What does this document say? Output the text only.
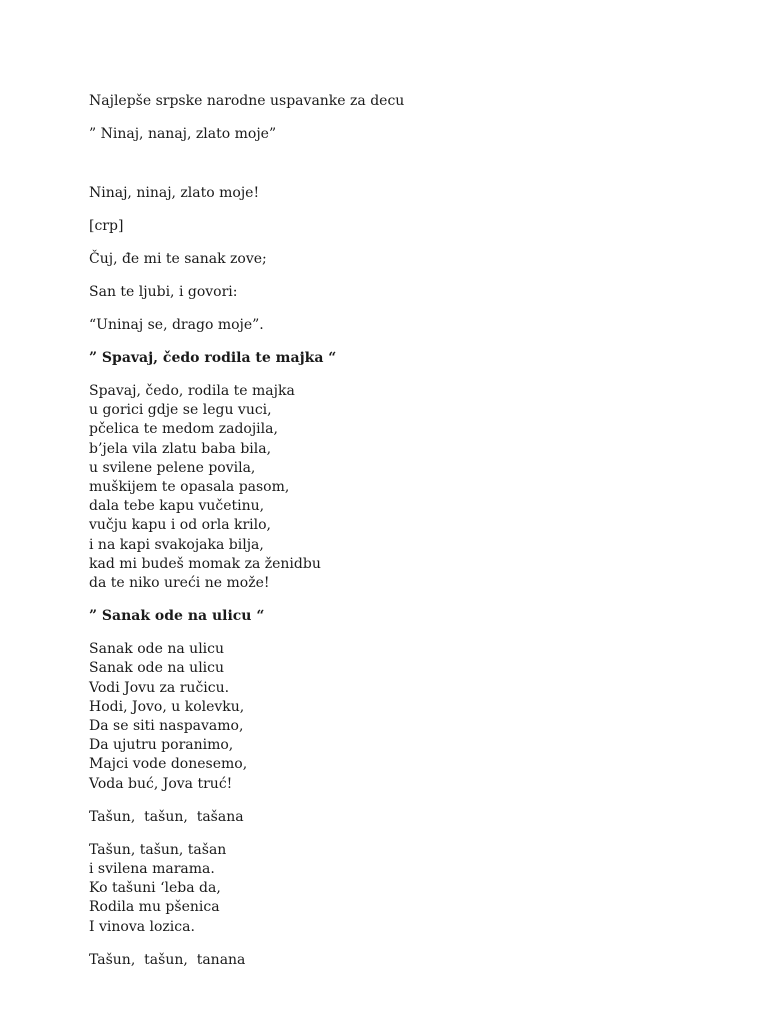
Najlepše srpske narodne uspavanke za decu

” Ninaj, nanaj, zlato moje”

Ninaj, ninaj, zlato moje!

[crp]

Čuj, đe mi te sanak zove;

San te ljubi, i govori:

“Uninaj se, drago moje”.

” Spavaj, čedo rodila te majka “

Spavaj, čedo, rodila te majka
u gorici gdje se legu vuci,
pčelica te medom zadojila,
b’jela vila zlatu baba bila,
u svilene pelene povila,
muškijem te opasala pasom,
dala tebe kapu vučetinu,
vučju kapu i od orla krilo,
i na kapi svakojaka bilja,
kad mi budeš momak za ženidbu
da te niko ureći ne može!

” Sanak ode na ulicu “

Sanak ode na ulicu
Sanak ode na ulicu
Vodi Jovu za ručicu.
Hodi, Jovo, u kolevku,
Da se siti naspavamo,
Da ujutru poranimo,
Majci vode donesemo,
Voda buć, Jova truć!

Tašun,  tašun,  tašana

Tašun, tašun, tašan
i svilena marama.
Ko tašuni ‘leba da,
Rodila mu pšenica
I vinova lozica.

Tašun,  tašun,  tanana
